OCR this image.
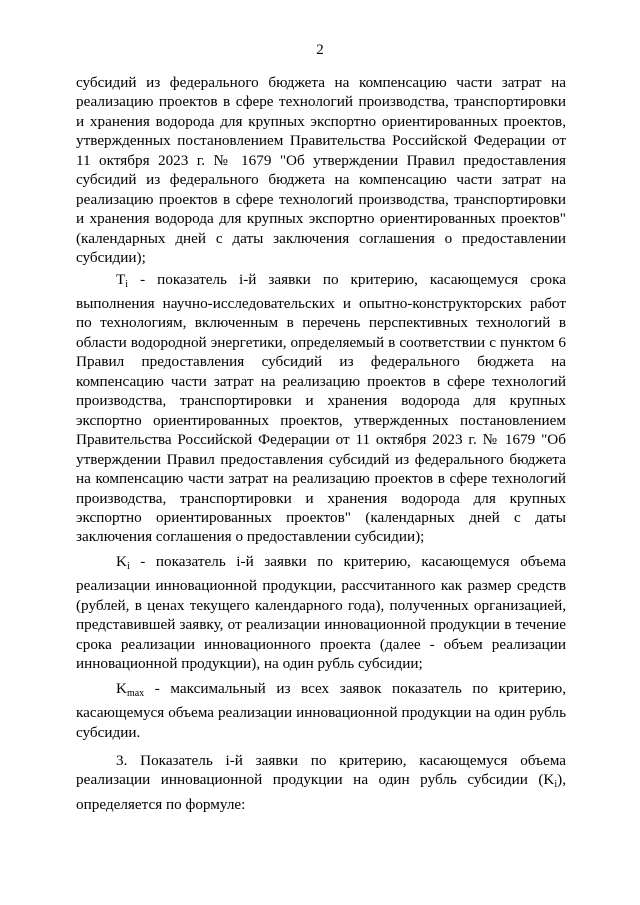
2

субсидий из федерального бюджета на компенсацию части затрат на реализацию проектов в сфере технологий производства, транспортировки и хранения водорода для крупных экспортно ориентированных проектов, утвержденных постановлением Правительства Российской Федерации от 11 октября 2023 г. № 1679 "Об утверждении Правил предоставления субсидий из федерального бюджета на компенсацию части затрат на реализацию проектов в сфере технологий производства, транспортировки и хранения водорода для крупных экспортно ориентированных проектов" (календарных дней с даты заключения соглашения о предоставлении субсидии);

$T_i$ - показатель i-й заявки по критерию, касающемуся срока выполнения научно-исследовательских и опытно-конструкторских работ по технологиям, включенным в перечень перспективных технологий в области водородной энергетики, определяемый в соответствии с пунктом 6 Правил предоставления субсидий из федерального бюджета на компенсацию части затрат на реализацию проектов в сфере технологий производства, транспортировки и хранения водорода для крупных экспортно ориентированных проектов, утвержденных постановлением Правительства Российской Федерации от 11 октября 2023 г. № 1679 "Об утверждении Правил предоставления субсидий из федерального бюджета на компенсацию части затрат на реализацию проектов в сфере технологий производства, транспортировки и хранения водорода для крупных экспортно ориентированных проектов" (календарных дней с даты заключения соглашения о предоставлении субсидии);

$K_i$ - показатель i-й заявки по критерию, касающемуся объема реализации инновационной продукции, рассчитанного как размер средств (рублей, в ценах текущего календарного года), полученных организацией, представившей заявку, от реализации инновационной продукции в течение срока реализации инновационного проекта (далее - объем реализации инновационной продукции), на один рубль субсидии;

$K_{max}$ - максимальный из всех заявок показатель по критерию, касающемуся объема реализации инновационной продукции на один рубль субсидии.

3. Показатель i-й заявки по критерию, касающемуся объема реализации инновационной продукции на один рубль субсидии $(K_i)$, определяется по формуле:
